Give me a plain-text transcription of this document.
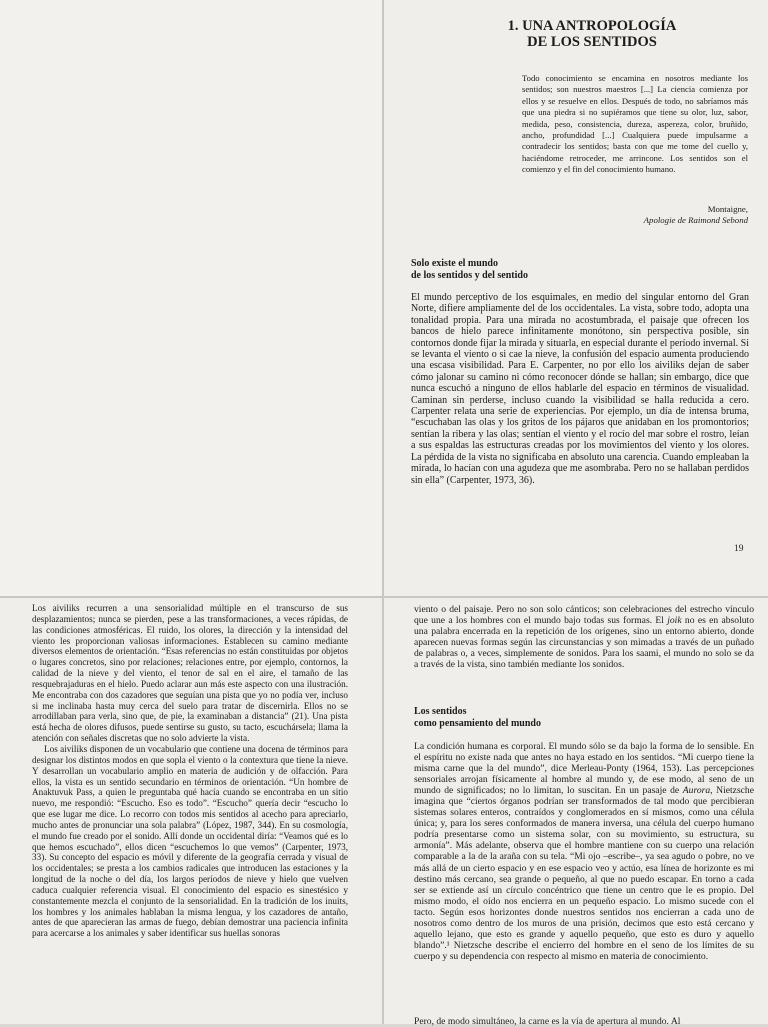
1. UNA ANTROPOLOGÍA
DE LOS SENTIDOS
Todo conocimiento se encamina en nosotros mediante los sentidos; son nuestros maestros [...] La ciencia comienza por ellos y se resuelve en ellos. Después de todo, no sabríamos más que una piedra si no supiéramos que tiene su olor, luz, sabor, medida, peso, consistencia, dureza, aspereza, color, bruñido, ancho, profundidad [...] Cualquiera puede impulsarme a contradecir los sentidos; basta con que me tome del cuello y, haciéndome retroceder, me arrincone. Los sentidos son el comienzo y el fin del conocimiento humano.
Montaigne,
Apologie de Raimond Sebond
Solo existe el mundo
de los sentidos y del sentido
El mundo perceptivo de los esquimales, en medio del singular entorno del Gran Norte, difiere ampliamente del de los occidentales. La vista, sobre todo, adopta una tonalidad propia. Para una mirada no acostumbrada, el paisaje que ofrecen los bancos de hielo parece infinitamente monótono, sin perspectiva posible, sin contornos donde fijar la mirada y situarla, en especial durante el período invernal. Si se levanta el viento o si cae la nieve, la confusión del espacio aumenta produciendo una escasa visibilidad. Para E. Carpenter, no por ello los aiviliks dejan de saber cómo jalonar su camino ni cómo reconocer dónde se hallan; sin embargo, dice que nunca escuchó a ninguno de ellos hablarle del espacio en términos de visualidad. Caminan sin perderse, incluso cuando la visibilidad se halla reducida a cero. Carpenter relata una serie de experiencias. Por ejemplo, un día de intensa bruma, “escuchaban las olas y los gritos de los pájaros que anidaban en los promontorios; sentían la ribera y las olas; sentían el viento y el rocío del mar sobre el rostro, leían a sus espaldas las estructuras creadas por los movimientos del viento y los olores. La pérdida de la vista no significaba en absoluto una carencia. Cuando empleaban la mirada, lo hacían con una agudeza que me asombraba. Pero no se hallaban perdidos sin ella” (Carpenter, 1973, 36).
19

Los aiviliks recurren a una sensorialidad múltiple en el transcurso de sus desplazamientos; nunca se pierden, pese a las transformaciones, a veces rápidas, de las condiciones atmosféricas. El ruido, los olores, la dirección y la intensidad del viento les proporcionan valiosas informaciones. Establecen su camino mediante diversos elementos de orientación. “Esas referencias no están constituidas por objetos o lugares concretos, sino por relaciones; relaciones entre, por ejemplo, contornos, la calidad de la nieve y del viento, el tenor de sal en el aire, el tamaño de las resquebrajaduras en el hielo. Puedo aclarar aun más este aspecto con una ilustración. Me encontraba con dos cazadores que seguían una pista que yo no podía ver, incluso si me inclinaba hasta muy cerca del suelo para tratar de discernirla. Ellos no se arrodillaban para verla, sino que, de pie, la examinaban a distancia” (21). Una pista está hecha de olores difusos, puede sentirse su gusto, su tacto, escuchársela; llama la atención con señales discretas que no solo advierte la vista.

Los aiviliks disponen de un vocabulario que contiene una docena de términos para designar los distintos modos en que sopla el viento o la contextura que tiene la nieve. Y desarrollan un vocabulario amplio en materia de audición y de olfacción. Para ellos, la vista es un sentido secundario en términos de orientación. “Un hombre de Anaktuvuk Pass, a quien le preguntaba qué hacía cuando se encontraba en un sitio nuevo, me respondió: “Escucho. Eso es todo”. “Escucho” quería decir “escucho lo que ese lugar me dice. Lo recorro con todos mis sentidos al acecho para apreciarlo, mucho antes de pronunciar una sola palabra” (López, 1987, 344). En su cosmología, el mundo fue creado por el sonido. Allí donde un occidental diría: “Veamos qué es lo que hemos escuchado”, ellos dicen “escuchemos lo que vemos” (Carpenter, 1973, 33). Su concepto del espacio es móvil y diferente de la geografía cerrada y visual de los occidentales; se presta a los cambios radicales que introducen las estaciones y la longitud de la noche o del día, los largos períodos de nieve y hielo que vuelven caduca cualquier referencia visual. El conocimiento del espacio es sinestésico y constantemente mezcla el conjunto de la sensorialidad. En la tradición de los inuits, los hombres y los animales hablaban la misma lengua, y los cazadores de antaño, antes de que aparecieran las armas de fuego, debían demostrar una paciencia infinita para acercarse a los animales y saber identificar sus huellas sonoras

viento o del paisaje. Pero no son solo cánticos; son celebraciones del estrecho vínculo que une a los hombres con el mundo bajo todas sus formas. El joik no es en absoluto una palabra encerrada en la repetición de los orígenes, sino un entorno abierto, donde aparecen nuevas formas según las circunstancias y son mimadas a través de un puñado de palabras o, a veces, simplemente de sonidos. Para los saami, el mundo no solo se da a través de la vista, sino también mediante los sonidos.
Los sentidos
como pensamiento del mundo
La condición humana es corporal. El mundo sólo se da bajo la forma de lo sensible. En el espíritu no existe nada que antes no haya estado en los sentidos. “Mi cuerpo tiene la misma carne que la del mundo”, dice Merleau-Ponty (1964, 153). Las percepciones sensoriales arrojan físicamente al hombre al mundo y, de ese modo, al seno de un mundo de significados; no lo limitan, lo suscitan. En un pasaje de Aurora, Nietzsche imagina que “ciertos órganos podrían ser transformados de tal modo que percibieran sistemas solares enteros, contraídos y conglomerados en sí mismos, como una célula única; y, para los seres conformados de manera inversa, una célula del cuerpo humano podría presentarse como un sistema solar, con su movimiento, su estructura, su armonía”. Más adelante, observa que el hombre mantiene con su cuerpo una relación comparable a la de la araña con su tela. “Mi ojo –escribe–, ya sea agudo o pobre, no ve más allá de un cierto espacio y en ese espacio veo y actúo, esa línea de horizonte es mi destino más cercano, sea grande o pequeño, al que no puedo escapar. En torno a cada ser se extiende así un círculo concéntrico que tiene un centro que le es propio. Del mismo modo, el oído nos encierra en un pequeño espacio. Lo mismo sucede con el tacto. Según esos horizontes donde nuestros sentidos nos encierran a cada uno de nosotros como dentro de los muros de una prisión, decimos que esto está cercano y aquello lejano, que esto es grande y aquello pequeño, que esto es duro y aquello blando”.¹ Nietzsche describe el encierro del hombre en el seno de los límites de su cuerpo y su dependencia con respecto al mismo en materia de conocimiento.
Pero, de modo simultáneo, la carne es la vía de apertura al mundo. Al
